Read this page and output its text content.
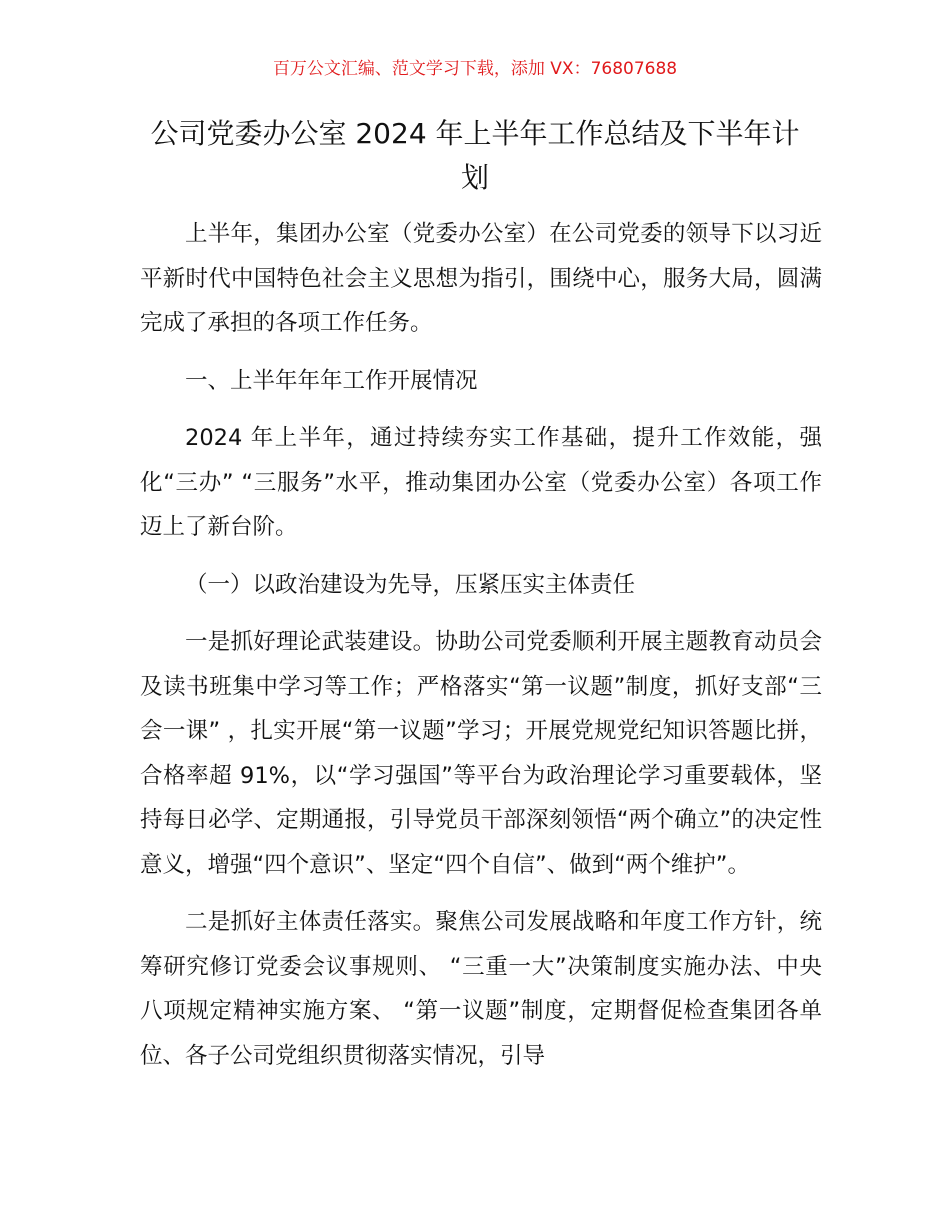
百万公文汇编、范文学习下载，添加 VX：76807688

公司党委办公室 2024 年上半年工作总结及下半年计划

上半年，集团办公室（党委办公室）在公司党委的领导下以习近平新时代中国特色社会主义思想为指引，围绕中心，服务大局，圆满完成了承担的各项工作任务。

一、上半年年年工作开展情况

2024 年上半年，通过持续夯实工作基础，提升工作效能，强化“三办” “三服务”水平，推动集团办公室（党委办公室）各项工作迈上了新台阶。

（一）以政治建设为先导，压紧压实主体责任

一是抓好理论武装建设。协助公司党委顺利开展主题教育动员会及读书班集中学习等工作；严格落实“第一议题”制度，抓好支部“三会一课” ，扎实开展“第一议题”学习；开展党规党纪知识答题比拼，合格率超 91%，以“学习强国”等平台为政治理论学习重要载体，坚持每日必学、定期通报，引导党员干部深刻领悟“两个确立”的决定性意义，增强“四个意识”、坚定“四个自信”、做到“两个维护”。

二是抓好主体责任落实。聚焦公司发展战略和年度工作方针，统筹研究修订党委会议事规则、 “三重一大”决策制度实施办法、中央八项规定精神实施方案、 “第一议题”制度，定期督促检查集团各单位、各子公司党组织贯彻落实情况，引导
